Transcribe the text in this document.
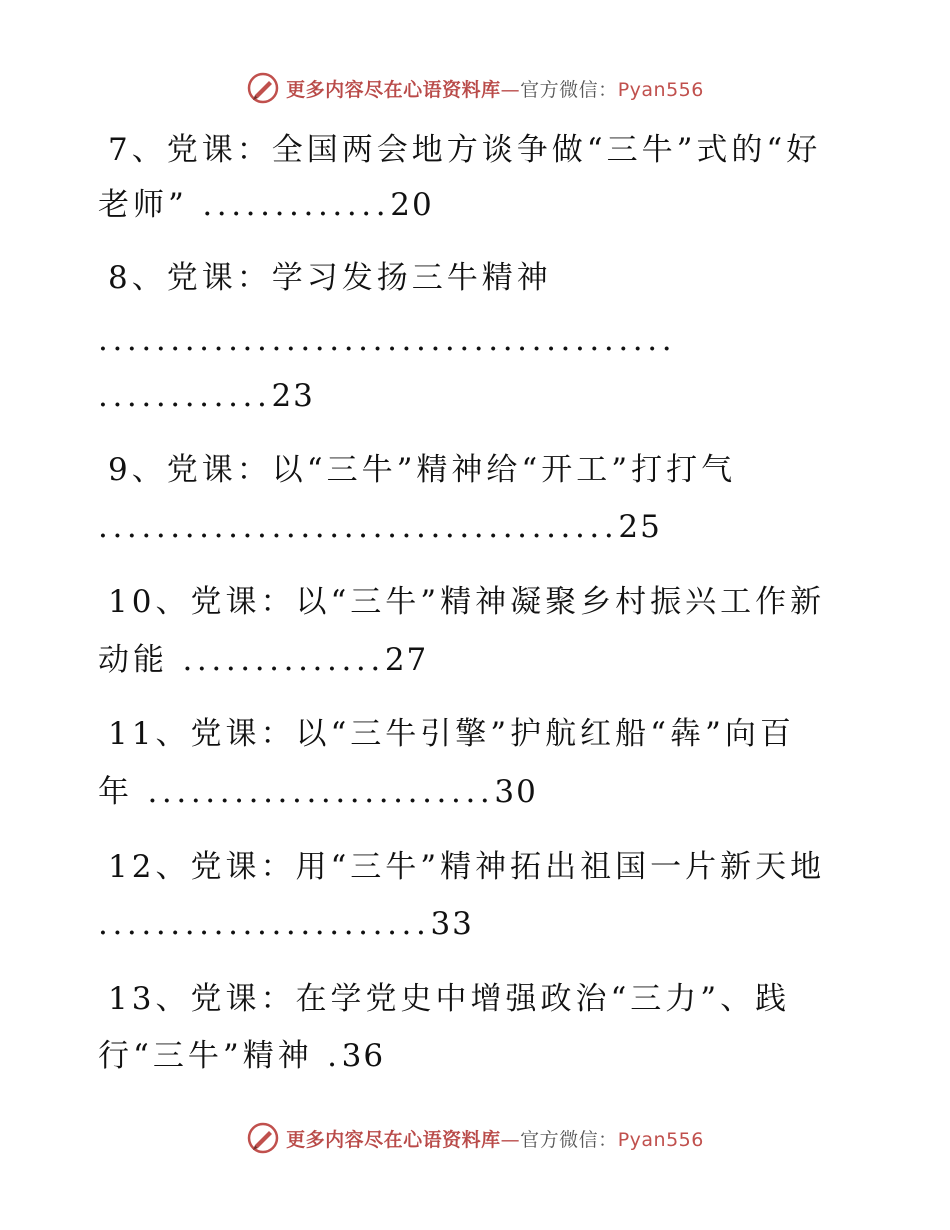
更多内容尽在心语资料库—官方微信：Pyan556
7、党课：全国两会地方谈争做“三牛”式的“好
老师” .............20
8、党课：学习发扬三牛精神
........................................
............23
9、党课：以“三牛”精神给“开工”打打气
....................................25
10、党课：以“三牛”精神凝聚乡村振兴工作新
动能 ..............27
11、党课：以“三牛引擎”护航红船“犇”向百
年 ........................30
12、党课：用“三牛”精神拓出祖国一片新天地
.......................33
13、党课：在学党史中增强政治“三力”、践
行“三牛”精神 .36
更多内容尽在心语资料库—官方微信：Pyan556
